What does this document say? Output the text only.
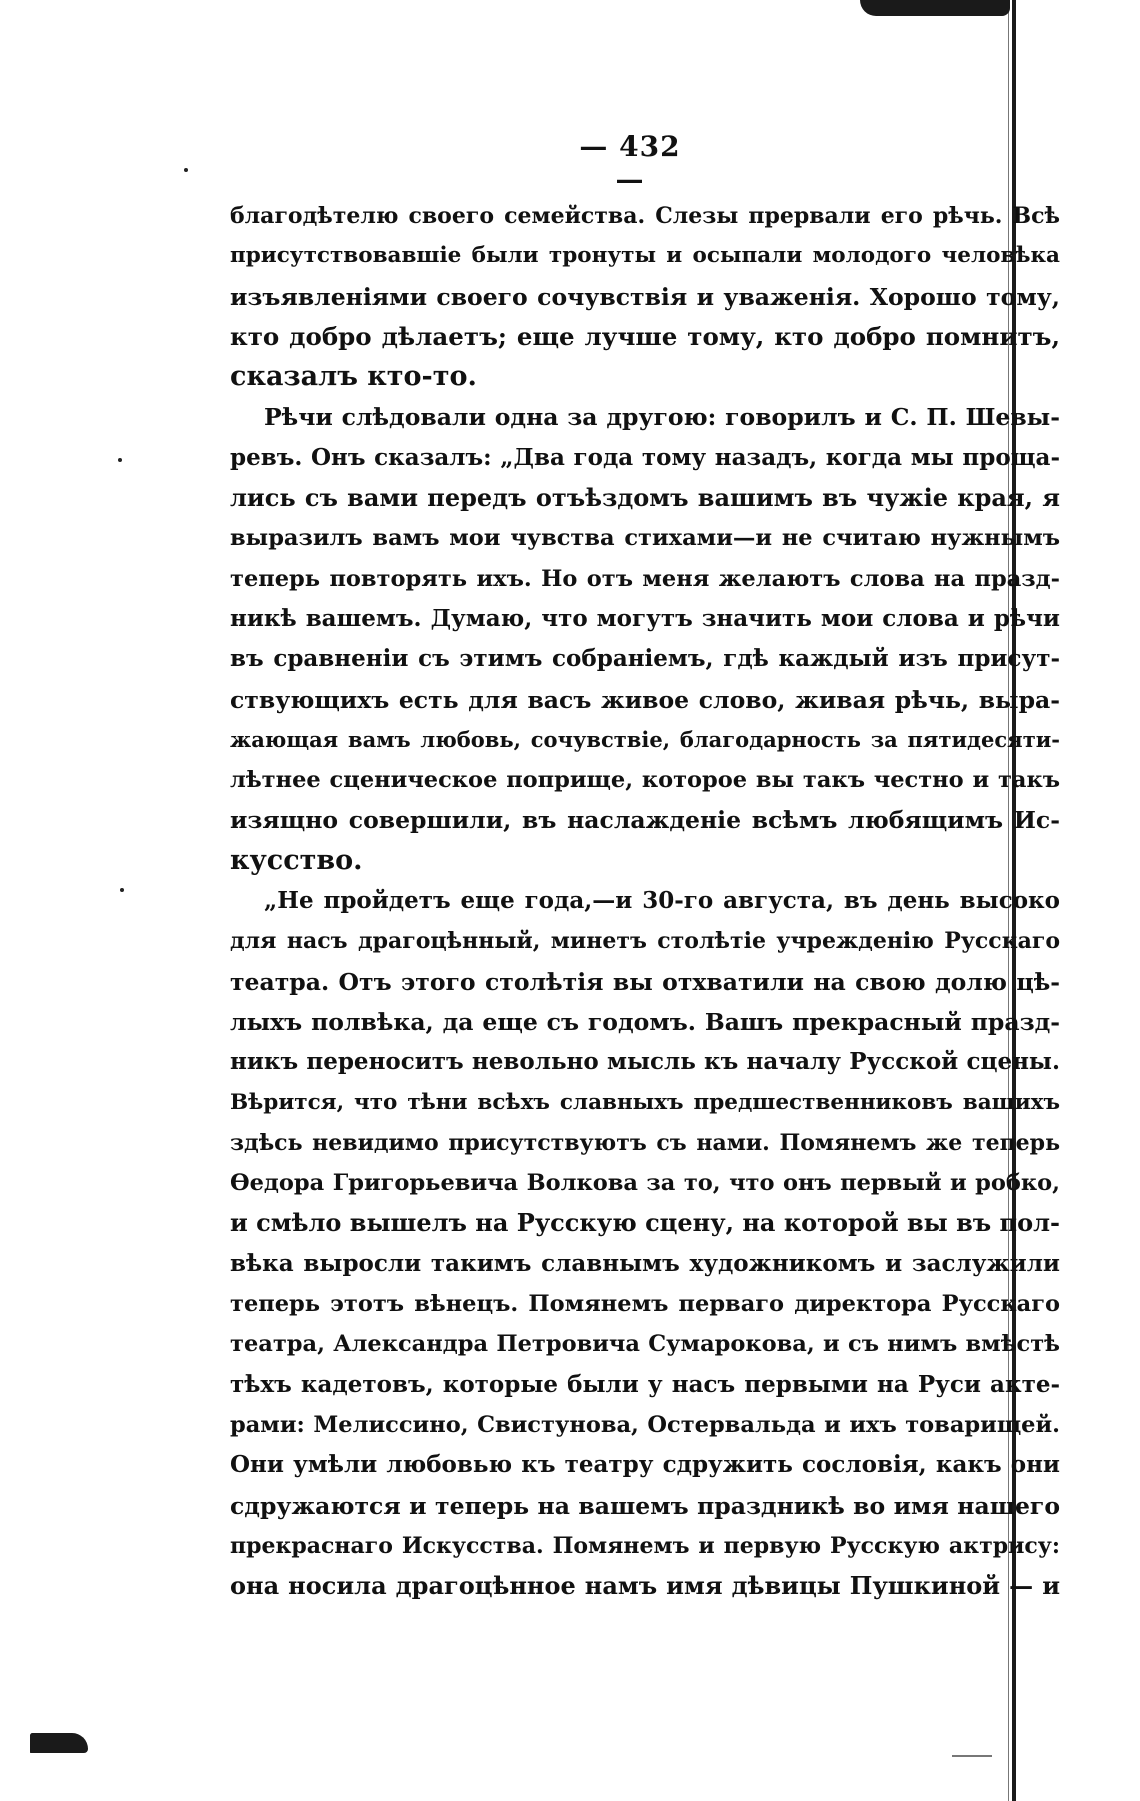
— 432 —
благодѣтелю своего семейства. Слезы прервали его рѣчь. Всѣ
присутствовавшіе были тронуты и осыпали молодого человѣка
изъявленіями своего сочувствія и уваженія. Хорошо тому,
кто добро дѣлаетъ; еще лучше тому, кто добро помнитъ,
сказалъ кто-то.
Рѣчи слѣдовали одна за другою: говорилъ и С. П. Шевы-
ревъ. Онъ сказалъ: „Два года тому назадъ, когда мы проща-
лись съ вами передъ отъѣздомъ вашимъ въ чужіе края, я
выразилъ вамъ мои чувства стихами—и не считаю нужнымъ
теперь повторять ихъ. Но отъ меня желаютъ слова на празд-
никѣ вашемъ. Думаю, что могутъ значить мои слова и рѣчи
въ сравненіи съ этимъ собраніемъ, гдѣ каждый изъ присут-
ствующихъ есть для васъ живое слово, живая рѣчь, выра-
жающая вамъ любовь, сочувствіе, благодарность за пятидесяти-
лѣтнее сценическое поприще, которое вы такъ честно и такъ
изящно совершили, въ наслажденіе всѣмъ любящимъ Ис-
кусство.
„Не пройдетъ еще года,—и 30-го августа, въ день высоко
для насъ драгоцѣнный, минетъ столѣтіе учрежденію Русскаго
театра. Отъ этого столѣтія вы отхватили на свою долю цѣ-
лыхъ полвѣка, да еще съ годомъ. Вашъ прекрасный празд-
никъ переноситъ невольно мысль къ началу Русской сцены.
Вѣрится, что тѣни всѣхъ славныхъ предшественниковъ вашихъ
здѣсь невидимо присутствуютъ съ нами. Помянемъ же теперь
Ѳедора Григорьевича Волкова за то, что онъ первый и робко,
и смѣло вышелъ на Русскую сцену, на которой вы въ пол-
вѣка выросли такимъ славнымъ художникомъ и заслужили
теперь этотъ вѣнецъ. Помянемъ перваго директора Русскаго
театра, Александра Петровича Сумарокова, и съ нимъ вмѣстѣ
тѣхъ кадетовъ, которые были у насъ первыми на Руси акте-
рами: Мелиссино, Свистунова, Остервальда и ихъ товарищей.
Они умѣли любовью къ театру сдружить сословія, какъ они
сдружаются и теперь на вашемъ праздникѣ во имя нашего
прекраснаго Искусства. Помянемъ и первую Русскую актрису:
она носила драгоцѣнное намъ имя дѣвицы Пушкиной — и
